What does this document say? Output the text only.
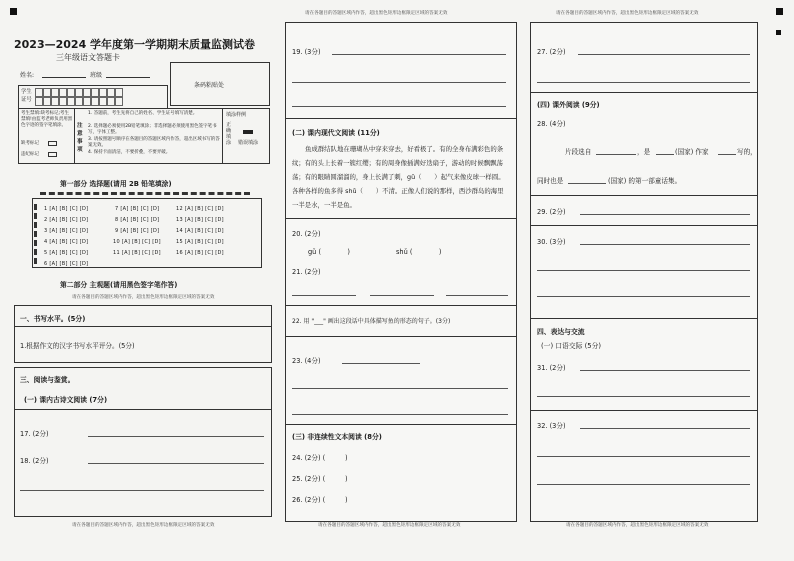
请在各题目的答题区域内作答，超出黑色矩形边框限定区域的答案无效	请在各题目的答题区域内作答，超出黑色矩形边框限定区域的答案无效
2023—2024 学年度第一学期期末质量监测试卷
三年级语文答题卡
姓名:	班级
学生证号
条码粘贴处
考生禁填:缺考标记;考生禁填!由监考老师负责用黑色字迹的签字笔填涂。
缺考标记
违纪标记
注意事项
1. 答题前，考生先将自己的姓名、学生证号填写清楚。
2. 选择题必须使用2B铅笔填涂；非选择题必须使用黑色签字笔书写，字体工整。
3. 请按照题号顺序在各题目的答题区域内作答，超出区域书写的答案无效。
4. 保持卡面清洁，不要折叠，不要弄破。
填涂样例
正确填涂	错误填涂
第一部分 选择题(请用 2B 铅笔填涂)
1 [A] [B] [C] [D]
2 [A] [B] [C] [D]
3 [A] [B] [C] [D]
4 [A] [B] [C] [D]
5 [A] [B] [C] [D]
6 [A] [B] [C] [D]
7 [A] [B] [C] [D]
8 [A] [B] [C] [D]
9 [A] [B] [C] [D]
10 [A] [B] [C] [D]
11 [A] [B] [C] [D]
12 [A] [B] [C] [D]
13 [A] [B] [C] [D]
14 [A] [B] [C] [D]
15 [A] [B] [C] [D]
16 [A] [B] [C] [D]
第二部分 主观题(请用黑色签字笔作答)
请在各题目的答题区域内作答，超出黑色矩形边框限定区域的答案无效
一、书写水平。(5分)
1.根据作文的汉字书写水平评分。(5分)
三、阅读与鉴赏。
(一) 课内古诗文阅读 (7分)
17. (2分)
18. (2分)
请在各题目的答题区域内作答，超出黑色矩形边框限定区域的答案无效
19. (3分)
(二) 课内现代文阅读 (11分)
鱼成群结队地在珊瑚丛中穿来穿去，好看极了。有的全身布满彩色的条纹；有的头上长着一簇红缨；有的周身像插满好迭扇子，游动的时候飘飘荡荡；有的眼睛圆溜溜的，身上长满了刺，gǔ（　　）起气来像皮球一样圆。各种各样的鱼多得 shǔ（　　）不清。正像人们说的那样，西沙群岛的海里一半是水，一半是鱼。
20. (2分)
gǔ (　　　　)	shǔ (　　　　)
21. (2分)
22. 用 "___" 画出这段话中具体描写鱼的形态的句子。(3分)
23. (4分)
(三) 非连续性文本阅读 (8分)
24. (2分) (　　　)
25. (2分) (　　　)
26. (2分) (　　　)
请在各题目的答题区域内作答，超出黑色矩形边框限定区域的答案无效
27. (2分)
(四) 课外阅读 (9分)
28. (4分)
片段选自	，是	(国家) 作家	写的，
同时也是	(国家) 的第一部童话集。
29. (2分)
30. (3分)
四、表达与交流
(一) 口语交际 (5分)
31. (2分)
32. (3分)
请在各题目的答题区域内作答，超出黑色矩形边框限定区域的答案无效
